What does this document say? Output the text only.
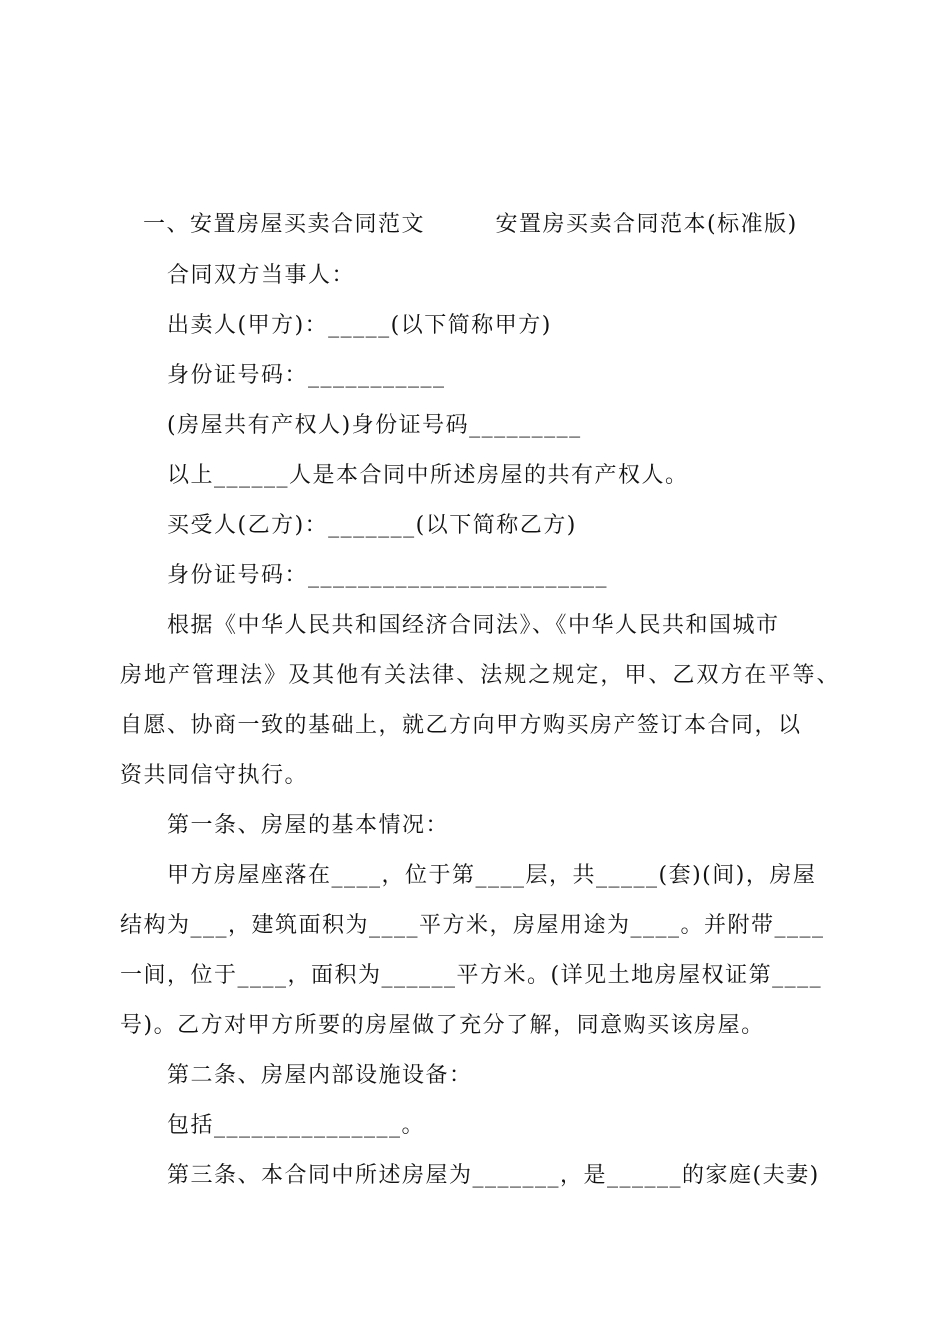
一、安置房屋买卖合同范文　　　安置房买卖合同范本(标准版)
合同双方当事人：
出卖人(甲方)：_____(以下简称甲方)
身份证号码：___________
(房屋共有产权人)身份证号码_________
以上______人是本合同中所述房屋的共有产权人。
买受人(乙方)：_______(以下简称乙方)
身份证号码：________________________
根据《中华人民共和国经济合同法》、《中华人民共和国城市
房地产管理法》及其他有关法律、法规之规定，甲、乙双方在平等、
自愿、协商一致的基础上，就乙方向甲方购买房产签订本合同，以
资共同信守执行。
第一条、房屋的基本情况：
甲方房屋座落在____，位于第____层，共_____(套)(间)，房屋
结构为___，建筑面积为____平方米，房屋用途为____。并附带____
一间，位于____，面积为______平方米。(详见土地房屋权证第____
号)。乙方对甲方所要的房屋做了充分了解，同意购买该房屋。
第二条、房屋内部设施设备：
包括_______________。
第三条、本合同中所述房屋为_______，是______的家庭(夫妻)
